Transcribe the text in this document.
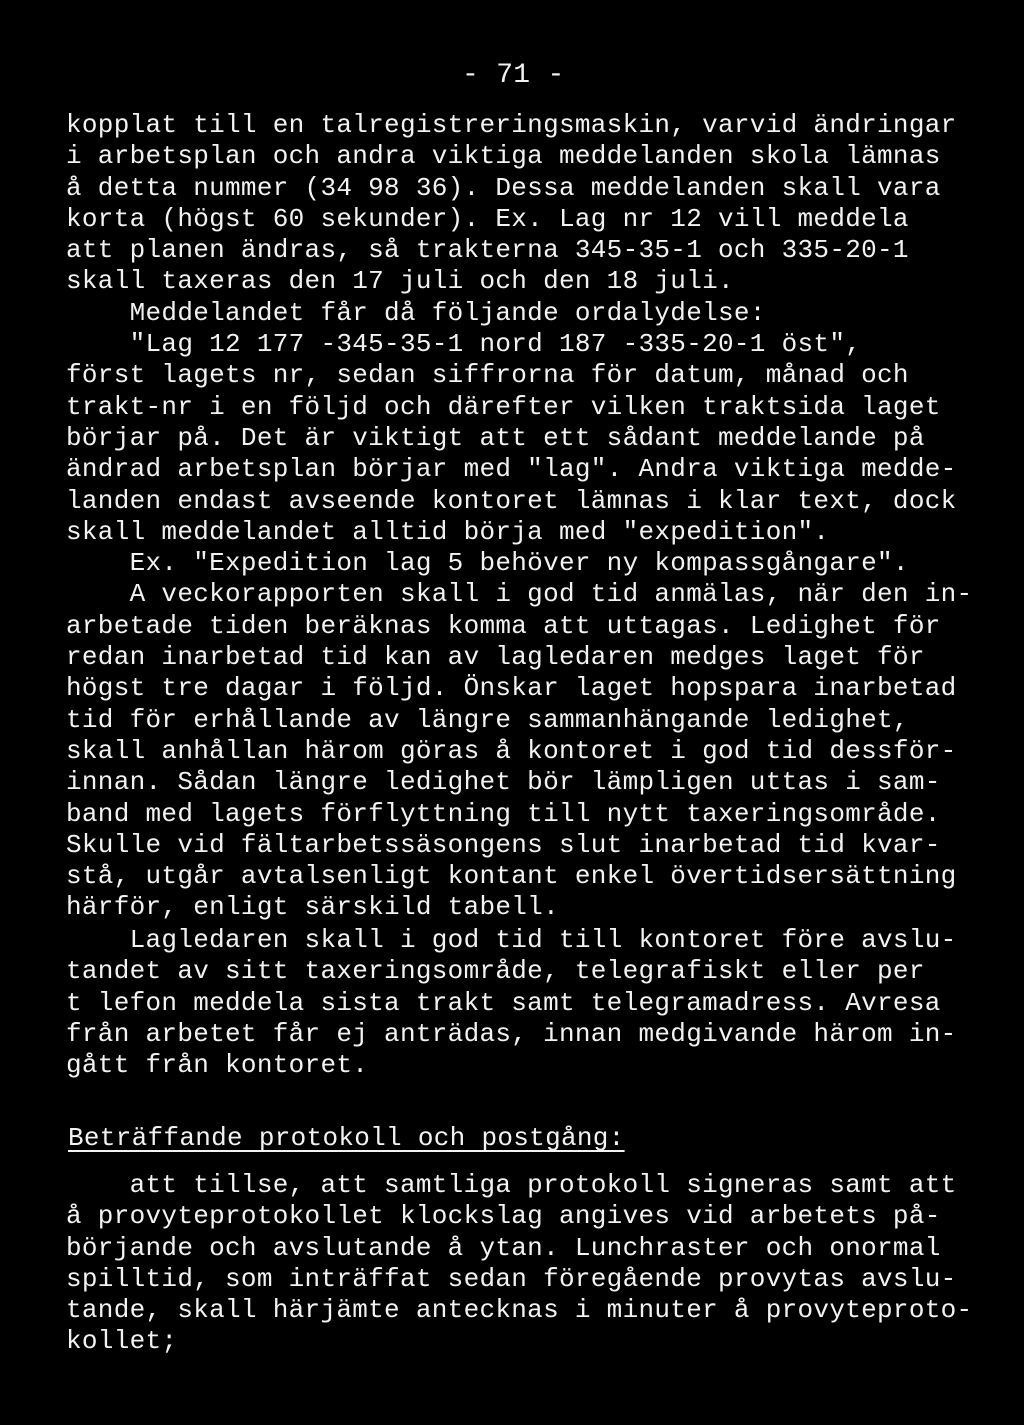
- 71 -

kopplat till en talregistreringsmaskin, varvid ändringar
i arbetsplan och andra viktiga meddelanden skola lämnas
å detta nummer (34 98 36). Dessa meddelanden skall vara
korta (högst 60 sekunder). Ex. Lag nr 12 vill meddela
att planen ändras, så trakterna 345-35-1 och 335-20-1
skall taxeras den 17 juli och den 18 juli.
Meddelandet får då följande ordalydelse:
"Lag 12 177 -345-35-1 nord 187 -335-20-1 öst",
först lagets nr, sedan siffrorna för datum, månad och
trakt-nr i en följd och därefter vilken traktsida laget
börjar på. Det är viktigt att ett sådant meddelande på
ändrad arbetsplan börjar med "lag". Andra viktiga medde-
landen endast avseende kontoret lämnas i klar text, dock
skall meddelandet alltid börja med "expedition".
Ex. "Expedition lag 5 behöver ny kompassgångare".
A veckorapporten skall i god tid anmälas, när den in-
arbetade tiden beräknas komma att uttagas. Ledighet för
redan inarbetad tid kan av lagledaren medges laget för
högst tre dagar i följd. Önskar laget hopspara inarbetad
tid för erhållande av längre sammanhängande ledighet,
skall anhållan härom göras å kontoret i god tid dessför-
innan. Sådan längre ledighet bör lämpligen uttas i sam-
band med lagets förflyttning till nytt taxeringsområde.
Skulle vid fältarbetssäsongens slut inarbetad tid kvar-
stå, utgår avtalsenligt kontant enkel övertidsersättning
härför, enligt särskild tabell.
Lagledaren skall i god tid till kontoret före avslu-
tandet av sitt taxeringsområde, telegrafiskt eller per
t lefon meddela sista trakt samt telegramadress. Avresa
från arbetet får ej anträdas, innan medgivande härom in-
gått från kontoret.

Beträffande protokoll och postgång:

att tillse, att samtliga protokoll signeras samt att
å provyteprotokollet klockslag angives vid arbetets på-
börjande och avslutande å ytan. Lunchraster och onormal
spilltid, som inträffat sedan föregående provytas avslu-
tande, skall härjämte antecknas i minuter å provyteproto-
kollet;
